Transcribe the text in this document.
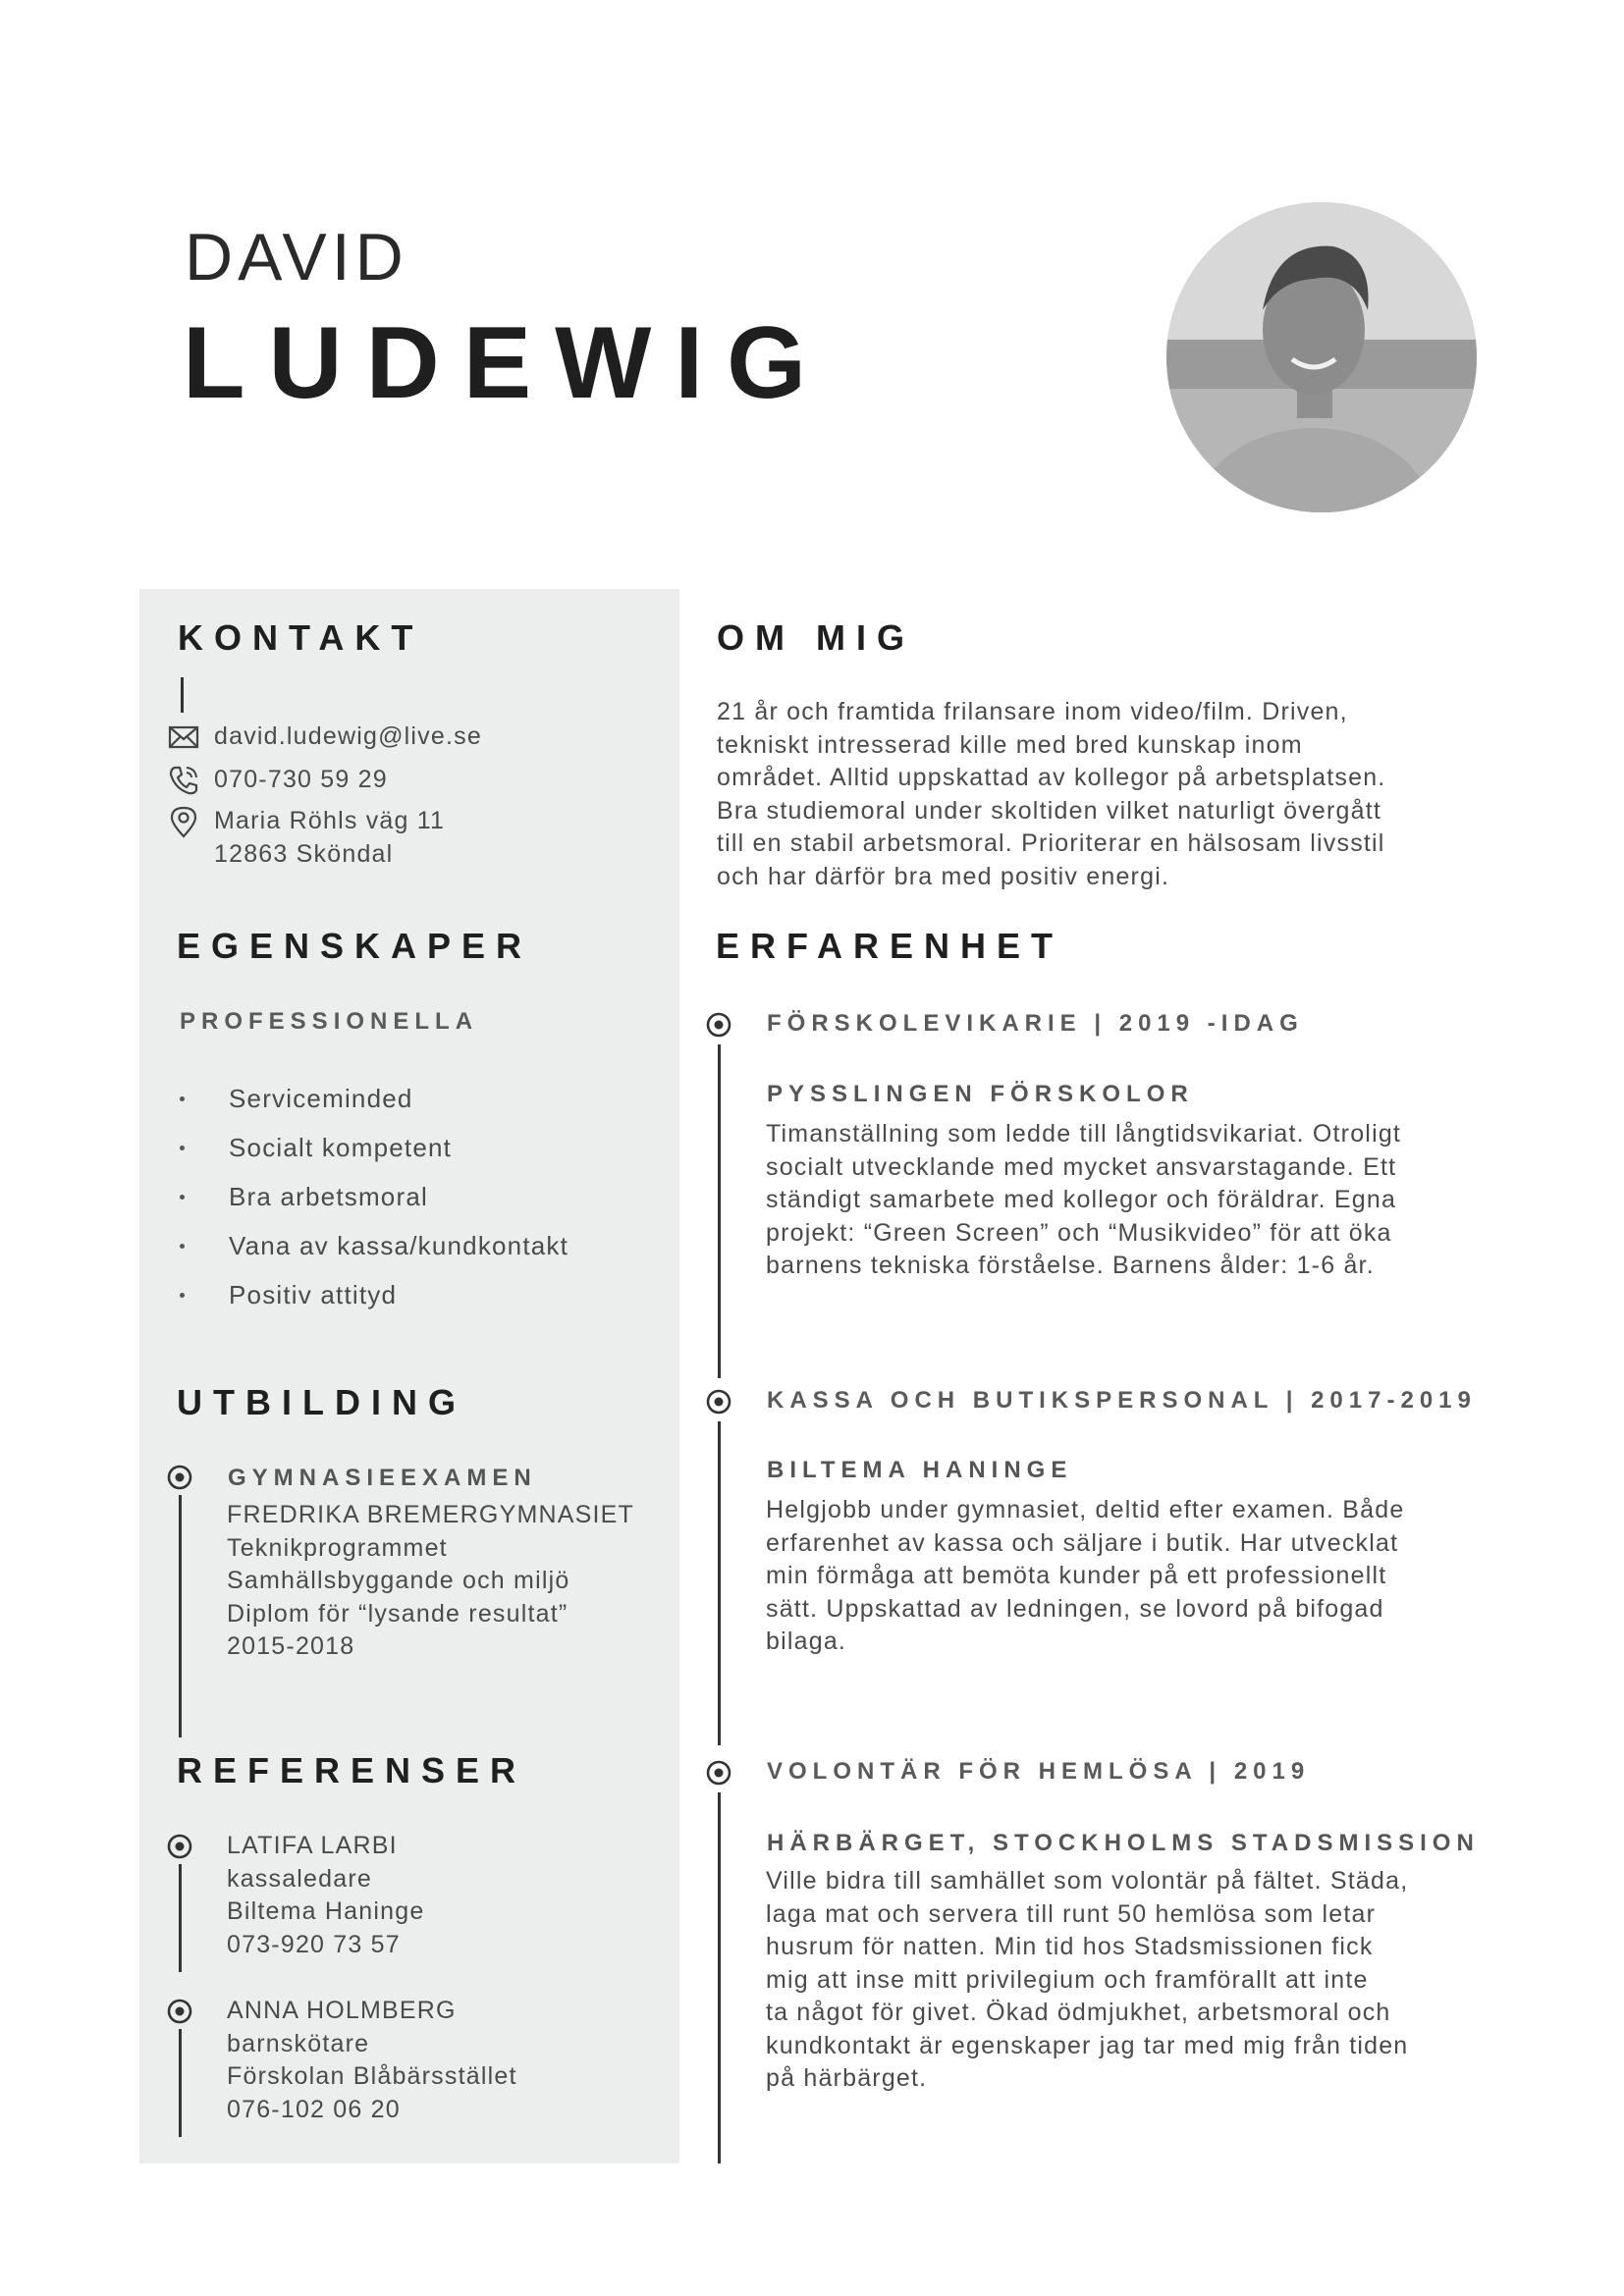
DAVID
LUDEWIG
KONTAKT
david.ludewig@live.se
070-730 59 29
Maria Röhls väg 11
12863 Sköndal
EGENSKAPER
PROFESSIONELLA
Serviceminded
Socialt kompetent
Bra arbetsmoral
Vana av kassa/kundkontakt
Positiv attityd
UTBILDING
GYMNASIEEXAMEN
FREDRIKA BREMERGYMNASIET
Teknikprogrammet
Samhällsbyggande och miljö
Diplom för “lysande resultat”
2015-2018
REFERENSER
LATIFA LARBI
kassaledare
Biltema Haninge
073-920 73 57
ANNA HOLMBERG
barnskötare
Förskolan Blåbärsstället
076-102 06 20
OM MIG
21 år och framtida frilansare inom video/film. Driven,
tekniskt intresserad kille med bred kunskap inom
området. Alltid uppskattad av kollegor på arbetsplatsen.
Bra studiemoral under skoltiden vilket naturligt övergått
till en stabil arbetsmoral. Prioriterar en hälsosam livsstil
och har därför bra med positiv energi.
ERFARENHET
FÖRSKOLEVIKARIE | 2019 -IDAG
PYSSLINGEN FÖRSKOLOR
Timanställning som ledde till långtidsvikariat. Otroligt
socialt utvecklande med mycket ansvarstagande. Ett
ständigt samarbete med kollegor och föräldrar. Egna
projekt: “Green Screen” och “Musikvideo” för att öka
barnens tekniska förståelse. Barnens ålder: 1-6 år.
KASSA OCH BUTIKSPERSONAL | 2017-2019
BILTEMA HANINGE
Helgjobb under gymnasiet, deltid efter examen. Både
erfarenhet av kassa och säljare i butik. Har utvecklat
min förmåga att bemöta kunder på ett professionellt
sätt. Uppskattad av ledningen, se lovord på bifogad
bilaga.
VOLONTÄR FÖR HEMLÖSA | 2019
HÄRBÄRGET, STOCKHOLMS STADSMISSION
Ville bidra till samhället som volontär på fältet. Städa,
laga mat och servera till runt 50 hemlösa som letar
husrum för natten. Min tid hos Stadsmissionen fick
mig att inse mitt privilegium och framförallt att inte
ta något för givet. Ökad ödmjukhet, arbetsmoral och
kundkontakt är egenskaper jag tar med mig från tiden
på härbärget.
